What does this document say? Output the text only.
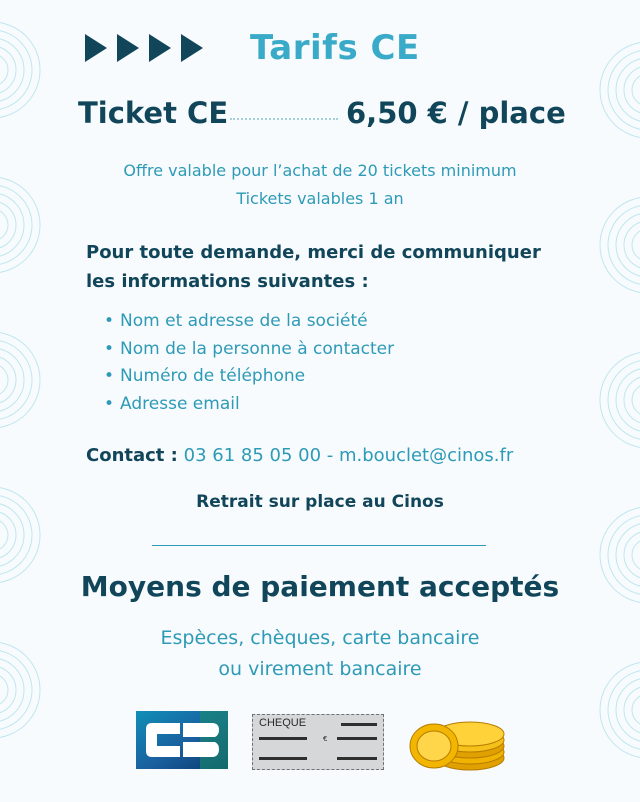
Tarifs CE
Ticket CE	6,50 € / place
Offre valable pour l’achat de 20 tickets minimum
Tickets valables 1 an
Pour toute demande, merci de communiquer
les informations suivantes :
• Nom et adresse de la société
• Nom de la personne à contacter
• Numéro de téléphone
• Adresse email
Contact : 03 61 85 05 00 - m.bouclet@cinos.fr
Retrait sur place au Cinos
Moyens de paiement acceptés
Espèces, chèques, carte bancaire
ou virement bancaire
CHEQUE
€
